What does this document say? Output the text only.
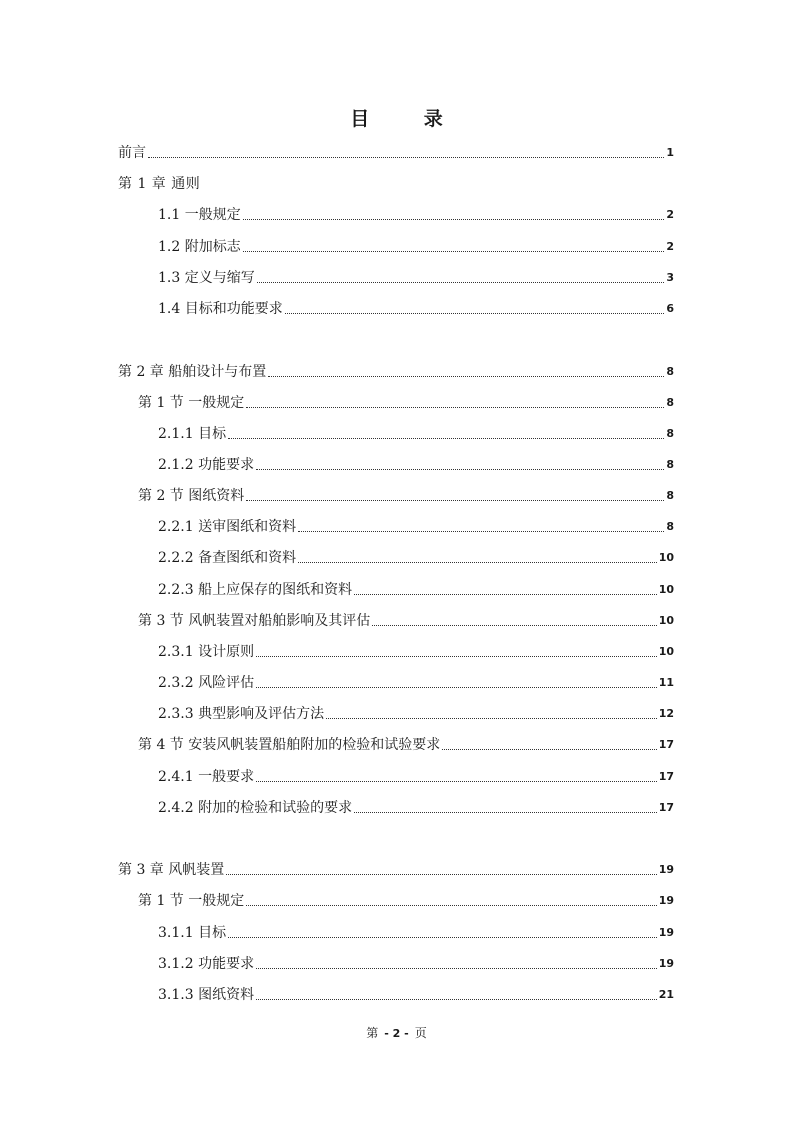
目 录
前言	1
第 1 章 通则
1.1 一般规定	2
1.2 附加标志	2
1.3 定义与缩写	3
1.4 目标和功能要求	6
第 2 章 船舶设计与布置	8
第 1 节 一般规定	8
2.1.1 目标	8
2.1.2 功能要求	8
第 2 节 图纸资料	8
2.2.1 送审图纸和资料	8
2.2.2 备查图纸和资料	10
2.2.3 船上应保存的图纸和资料	10
第 3 节 风帆装置对船舶影响及其评估	10
2.3.1 设计原则	10
2.3.2 风险评估	11
2.3.3 典型影响及评估方法	12
第 4 节 安装风帆装置船舶附加的检验和试验要求	17
2.4.1 一般要求	17
2.4.2 附加的检验和试验的要求	17
第 3 章 风帆装置	19
第 1 节 一般规定	19
3.1.1 目标	19
3.1.2 功能要求	19
3.1.3 图纸资料	21
第 - 2 - 页
